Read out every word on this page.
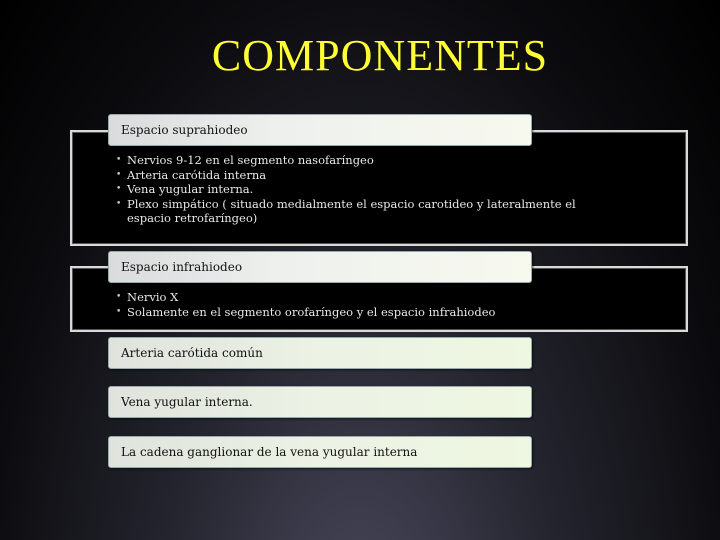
COMPONENTES
Espacio suprahiodeo
• Nervios 9-12 en el segmento nasofaríngeo
• Arteria carótida interna
• Vena yugular interna.
• Plexo simpático ( situado medialmente el espacio carotideo y lateralmente el espacio retrofaríngeo)
Espacio infrahiodeo
• Nervio X
• Solamente en el segmento orofaríngeo y el espacio infrahiodeo
Arteria carótida común
Vena yugular interna.
La cadena ganglionar de la vena yugular interna
